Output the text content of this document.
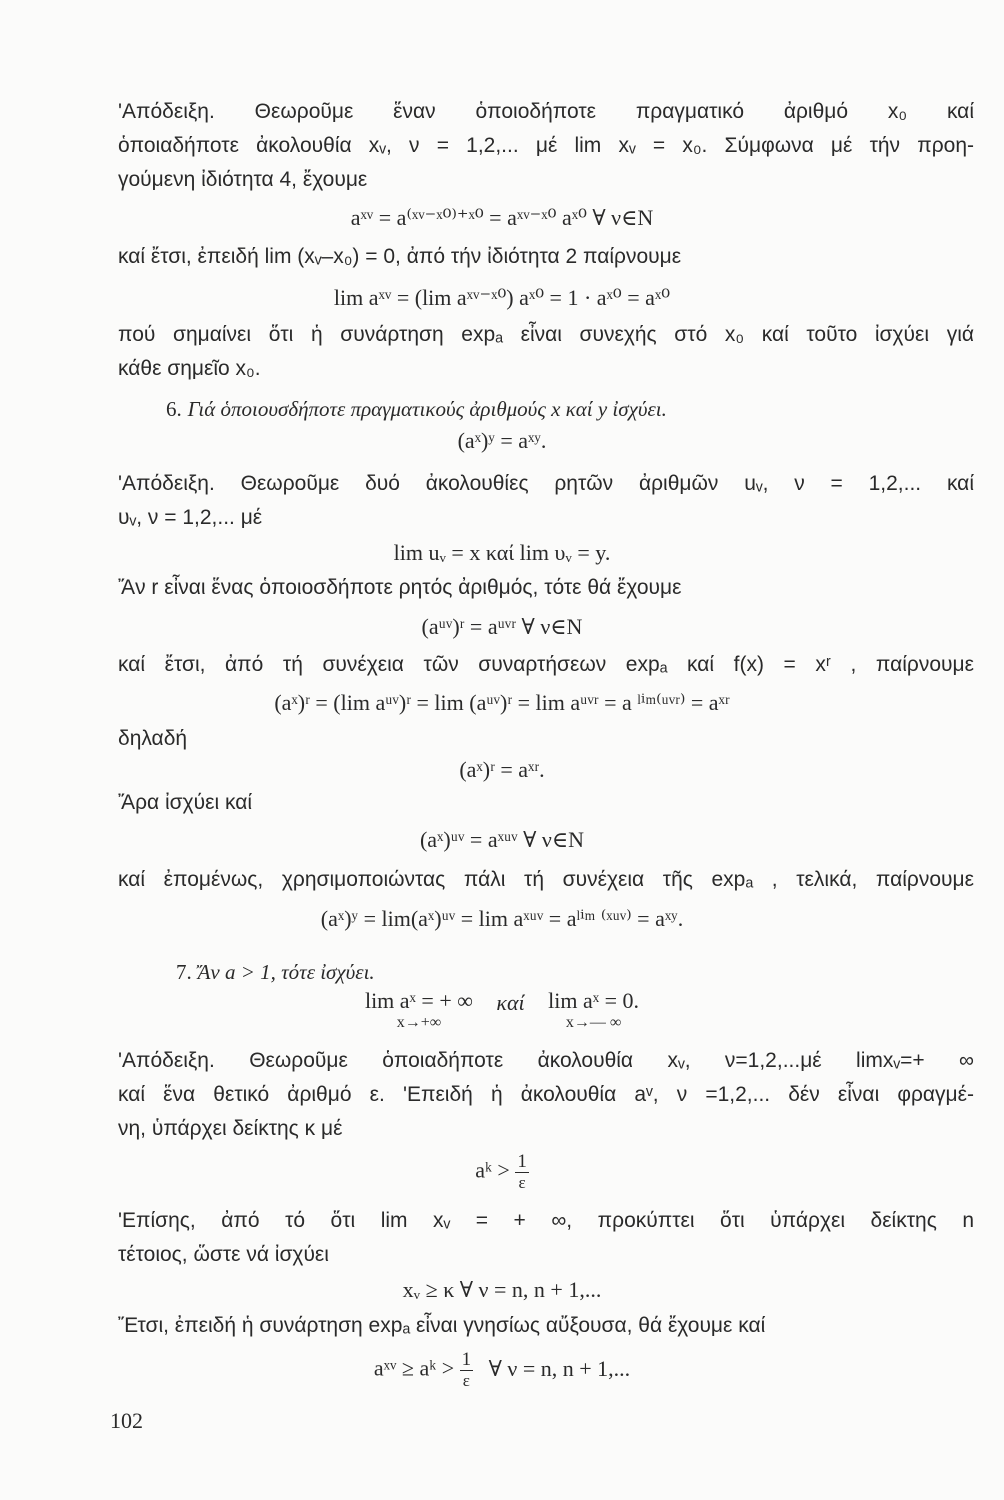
'Απόδειξη. Θεωροῦμε ἕναν ὁποιοδήποτε πραγματικό ἀριθμό x₀ καί
ὁποιαδήποτε ἀκολουθία xᵥ, ν = 1,2,... μέ lim xᵥ = x₀. Σύμφωνα μέ τήν προη-
γούμενη ἰδιότητα 4, ἔχουμε
aˣᵛ = a⁽ˣᵛ⁻ˣ⁰⁾⁺ˣ⁰ = aˣᵛ⁻ˣ⁰ aˣ⁰ ∀ ν∈N
καί ἔτσι, ἐπειδή lim (xᵥ–x₀) = 0, ἀπό τήν ἰδιότητα 2 παίρνουμε
lim aˣᵛ = (lim aˣᵛ⁻ˣ⁰) aˣ⁰ = 1 · aˣ⁰ = aˣ⁰
πού σημαίνει ὅτι ἡ συνάρτηση expₐ εἶναι συνεχής στό x₀ καί τοῦτο ἰσχύει γιά
κάθε σημεῖο x₀.
6. Γιά ὁποιουσδήποτε πραγματικούς ἀριθμούς x καί y ἰσχύει.
(aˣ)ʸ = aˣʸ.
'Απόδειξη. Θεωροῦμε δυό ἀκολουθίες ρητῶν ἀριθμῶν uᵥ, ν = 1,2,... καί
υᵥ, ν = 1,2,... μέ
lim uᵥ = x καί lim υᵥ = y.
Ἄν r εἶναι ἕνας ὁποιοσδήποτε ρητός ἀριθμός, τότε θά ἔχουμε
(aᵘᵛ)ʳ = aᵘᵛʳ ∀ ν∈N
καί ἔτσι, ἀπό τή συνέχεια τῶν συναρτήσεων expₐ καί f(x) = xʳ , παίρνουμε
(aˣ)ʳ = (lim aᵘᵛ)ʳ = lim (aᵘᵛ)ʳ = lim aᵘᵛʳ = a ˡⁱᵐ⁽ᵘᵛʳ⁾ = aˣʳ
δηλαδή
(aˣ)ʳ = aˣʳ.
Ἄρα ἰσχύει καί
(aˣ)ᵘᵛ = aˣᵘᵛ ∀ ν∈N
καί ἐπομένως, χρησιμοποιώντας πάλι τή συνέχεια τῆς expₐ , τελικά, παίρνουμε
(aˣ)ʸ = lim(aˣ)ᵘᵛ = lim aˣᵘᵛ = aˡⁱᵐ ⁽ˣᵘᵛ⁾ = aˣʸ.
7. Ἄν a > 1, τότε ἰσχύει.
lim aˣ = + ∞
x→+∞
καί lim aˣ = 0.
x→— ∞
'Απόδειξη. Θεωροῦμε ὁποιαδήποτε ἀκολουθία xᵥ, ν=1,2,...μέ limxᵥ=+ ∞
καί ἕνα θετικό ἀριθμό ε. 'Επειδή ἡ ἀκολουθία aᵛ, ν =1,2,... δέν εἶναι φραγμέ-
νη, ὑπάρχει δείκτης κ μέ
aᵏ > $\frac{1}{\varepsilon}$
'Επίσης, ἀπό τό ὅτι lim xᵥ = + ∞, προκύπτει ὅτι ὑπάρχει δείκτης n
τέτοιος, ὥστε νά ἰσχύει
xᵥ ≥ κ ∀ ν = n, n + 1,...
Ἔτσι, ἐπειδή ἡ συνάρτηση expₐ εἶναι γνησίως αὔξουσα, θά ἔχουμε καί
aˣᵛ ≥ aᵏ > $\frac{1}{\varepsilon}$ ∀ ν = n, n + 1,...
102
